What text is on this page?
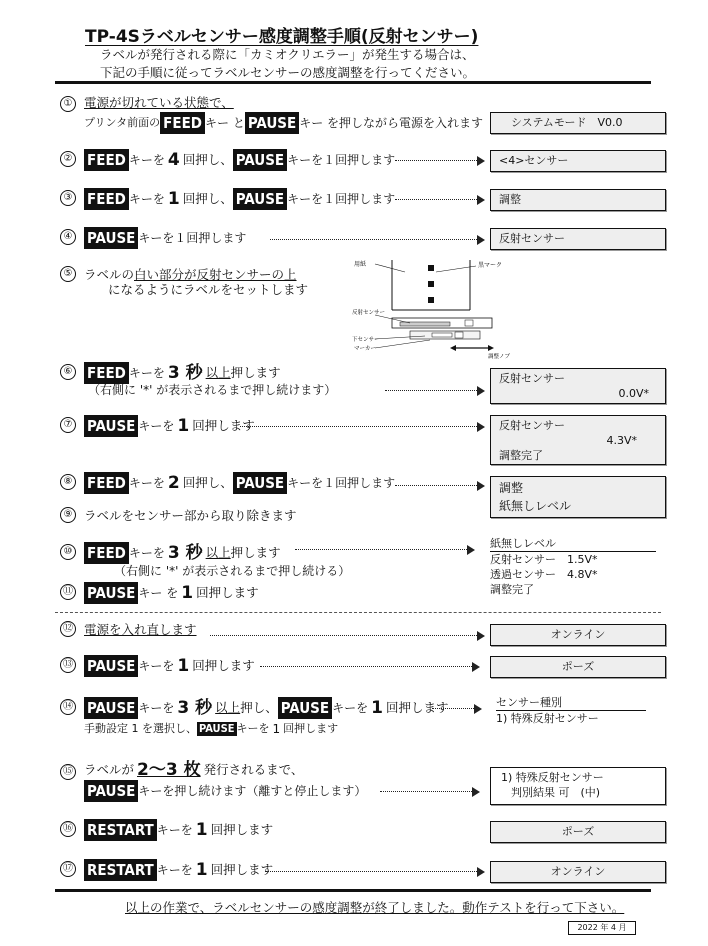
TP-4Sラベルセンサー感度調整手順(反射センサー)
ラベルが発行される際に「カミオクリエラー」が発生する場合は、
下記の手順に従ってラベルセンサーの感度調整を行ってください。
① 電源が切れている状態で、
プリンタ前面の FEED キー と PAUSE キー を押しながら電源を入れます	システムモード　V0.0
② FEED キーを 4 回押し、 PAUSE キーを１回押します	<4>センサー
③ FEED キーを 1 回押し、 PAUSE キーを１回押します	調整
④ PAUSE キーを１回押します	反射センサー
⑤ ラベルの 白い部分が反射センサーの上
になるようにラベルをセットします
用紙	黒マーク
反射センサー
下センサー
マーカー
調整ノブ
⑥ FEED キーを 3 秒 以上 押します
（右側に '*' が表示されるまで押し続けます）
反射センサー
0.0V*
⑦ PAUSE キーを 1 回押します	反射センサー
4.3V*
調整完了
⑧ FEED キーを 2 回押し、 PAUSE キーを１回押します	調整
紙無しレベル
⑨ ラベルをセンサー部から取り除きます
⑩ FEED キーを 3 秒 以上 押します
（右側に '*' が表示されるまで押し続ける）
紙無しレベル
反射センサー　1.5V*
透過センサー　4.8V*
調整完了
⑪ PAUSE キー を 1 回押します
⑫ 電源を入れ直します	オンライン
⑬ PAUSE キーを 1 回押します	ポーズ
⑭ PAUSE キーを 3 秒 以上 押し、 PAUSE キーを 1 回押します
手動設定 1 を選択し、 PAUSE キーを 1 回押します
センサー種別
1) 特殊反射センサー
⑮ ラベルが 2〜3 枚 発行されるまで、
PAUSE キーを押し続けます（離すと停止します）
1) 特殊反射センサー
判別結果 可　(中)
⑯ RESTART キーを 1 回押します	ポーズ
⑰ RESTART キーを 1 回押します	オンライン
以上の作業で、ラベルセンサーの感度調整が終了しました。動作テストを行って下さい。
2022 年 4 月
